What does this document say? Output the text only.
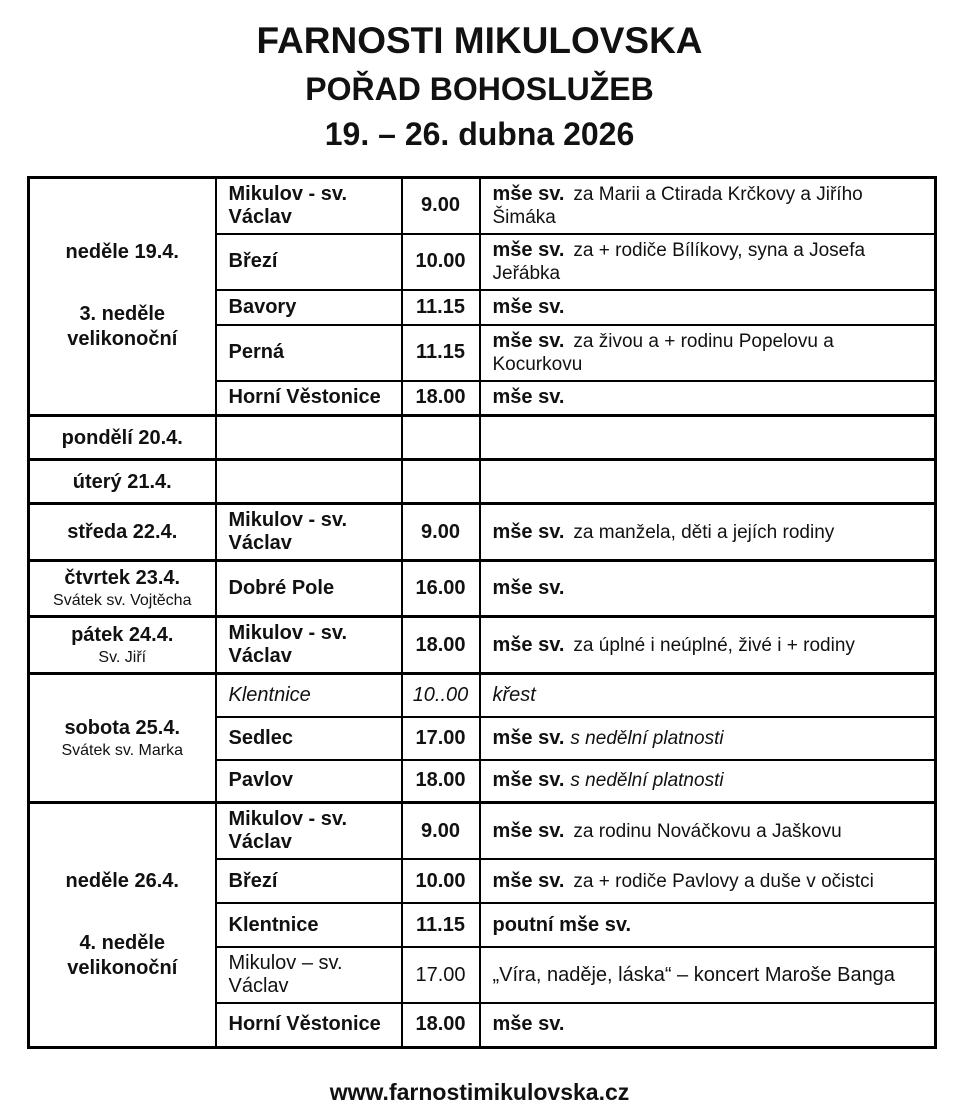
FARNOSTI MIKULOVSKA
POŘAD BOHOSLUŽEB
19. – 26. dubna 2026
neděle 19.4.
3. neděle velikonoční	Mikulov - sv. Václav	9.00	mše sv. za Marii a Ctirada Krčkovy a Jiřího Šimáka
	Březí	10.00	mše sv. za + rodiče Bílíkovy, syna a Josefa Jeřábka
	Bavory	11.15	mše sv.
	Perná	11.15	mše sv. za živou a + rodinu Popelovu a Kocurkovu
	Horní Věstonice	18.00	mše sv.

pondělí 20.4.			

úterý 21.4.			

středa 22.4.	Mikulov - sv. Václav	9.00	mše sv. za manžela, děti a jejích rodiny

čtvrtek 23.4.
Svátek sv. Vojtěcha	Dobré Pole	16.00	mše sv.

pátek 24.4.
Sv. Jiří	Mikulov - sv. Václav	18.00	mše sv. za úplné i neúplné, živé i + rodiny

sobota 25.4.
Svátek sv. Marka	Klentnice	10..00	křest
	Sedlec	17.00	mše sv. s nedělní platnosti
	Pavlov	18.00	mše sv. s nedělní platnosti

neděle 26.4.
4. neděle velikonoční	Mikulov - sv. Václav	9.00	mše sv. za rodinu Nováčkovu a Jaškovu
	Březí	10.00	mše sv. za + rodiče Pavlovy a duše v očistci
	Klentnice	11.15	poutní mše sv.
	Mikulov – sv. Václav	17.00	„Víra, naděje, láska“ – koncert Maroše Banga
	Horní Věstonice	18.00	mše sv.
www.farnostimikulovska.cz
